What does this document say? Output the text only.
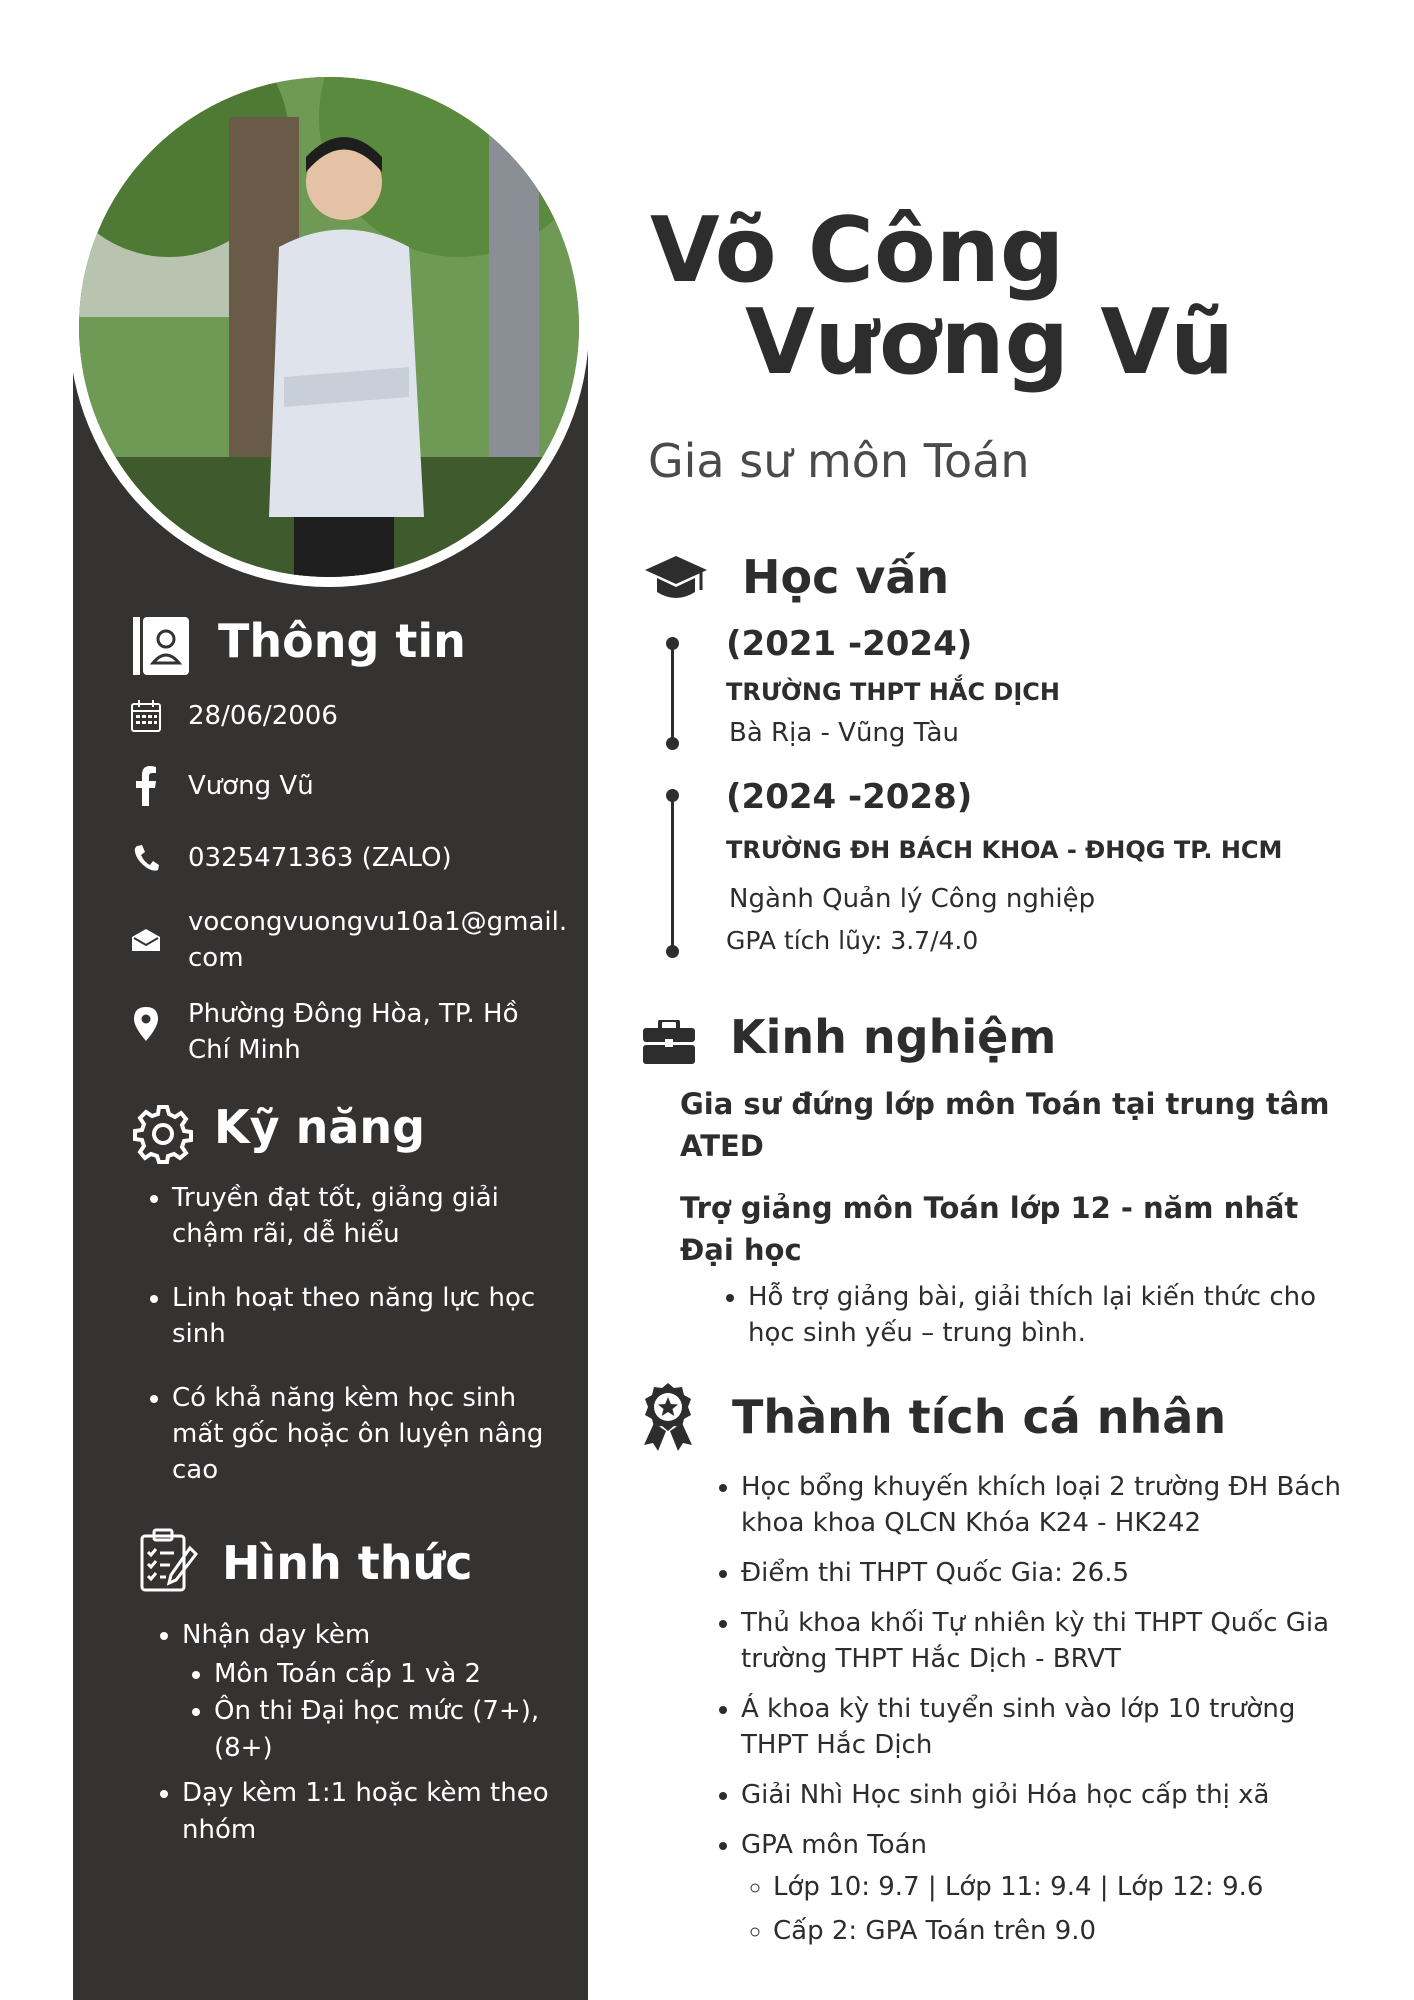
Thông tin
28/06/2006
Vương Vũ
0325471363 (ZALO)
vocongvuongvu10a1@gmail.
com
Phường Đông Hòa, TP. Hồ
Chí Minh
Kỹ năng
• Truyền đạt tốt, giảng giải chậm rãi, dễ hiểu
• Linh hoạt theo năng lực học sinh
• Có khả năng kèm học sinh mất gốc hoặc ôn luyện nâng cao
Hình thức
• Nhận dạy kèm
• Môn Toán cấp 1 và 2
• Ôn thi Đại học mức (7+), (8+)
• Dạy kèm 1:1 hoặc kèm theo nhóm
Võ Công
Vương Vũ
Gia sư môn Toán
Học vấn
(2021 -2024)
TRƯỜNG THPT HẮC DỊCH
Bà Rịa - Vũng Tàu
(2024 -2028)
TRƯỜNG ĐH BÁCH KHOA - ĐHQG TP. HCM
Ngành Quản lý Công nghiệp
GPA tích lũy: 3.7/4.0
Kinh nghiệm
Gia sư đứng lớp môn Toán tại trung tâm ATED
Trợ giảng môn Toán lớp 12 - năm nhất Đại học
• Hỗ trợ giảng bài, giải thích lại kiến thức cho học sinh yếu – trung bình.
Thành tích cá nhân
• Học bổng khuyến khích loại 2 trường ĐH Bách khoa khoa QLCN Khóa K24 - HK242
• Điểm thi THPT Quốc Gia: 26.5
• Thủ khoa khối Tự nhiên kỳ thi THPT Quốc Gia trường THPT Hắc Dịch - BRVT
• Á khoa kỳ thi tuyển sinh vào lớp 10 trường THPT Hắc Dịch
• Giải Nhì Học sinh giỏi Hóa học cấp thị xã
• GPA môn Toán
◦ Lớp 10: 9.7 | Lớp 11: 9.4 | Lớp 12: 9.6
◦ Cấp 2: GPA Toán trên 9.0
